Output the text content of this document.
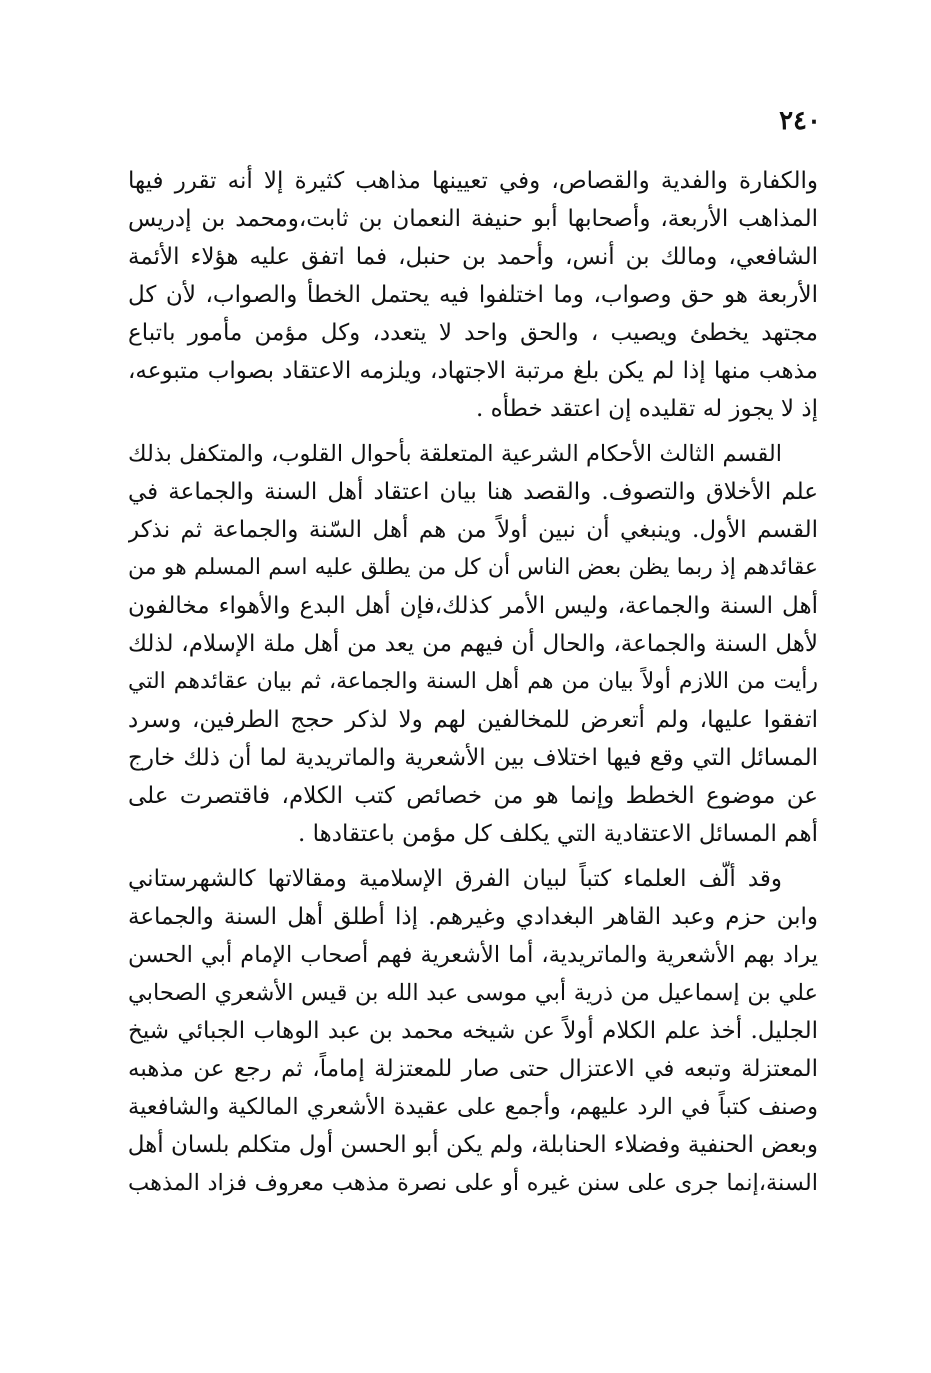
٢٤٠
والكفارة والفدية والقصاص، وفي تعيينها مذاهب كثيرة إلا أنه تقرر فيها
المذاهب الأربعة، وأصحابها أبو حنيفة النعمان بن ثابت،ومحمد بن إدريس
الشافعي، ومالك بن أنس، وأحمد بن حنبل، فما اتفق عليه هؤلاء الأئمة
الأربعة هو حق وصواب، وما اختلفوا فيه يحتمل الخطأ والصواب، لأن كل
مجتهد يخطئ ويصيب ، والحق واحد لا يتعدد، وكل مؤمن مأمور باتباع
مذهب منها إذا لم يكن بلغ مرتبة الاجتهاد، ويلزمه الاعتقاد بصواب متبوعه،
إذ لا يجوز له تقليده إن اعتقد خطأه .
القسم الثالث الأحكام الشرعية المتعلقة بأحوال القلوب، والمتكفل بذلك
علم الأخلاق والتصوف. والقصد هنا بيان اعتقاد أهل السنة والجماعة في
القسم الأول. وينبغي أن نبين أولاً من هم أهل السّنة والجماعة ثم نذكر
عقائدهم إذ ربما يظن بعض الناس أن كل من يطلق عليه اسم المسلم هو من
أهل السنة والجماعة، وليس الأمر كذلك،فإن أهل البدع والأهواء مخالفون
لأهل السنة والجماعة، والحال أن فيهم من يعد من أهل ملة الإسلام، لذلك
رأيت من اللازم أولاً بيان من هم أهل السنة والجماعة، ثم بيان عقائدهم التي
اتفقوا عليها، ولم أتعرض للمخالفين لهم ولا لذكر حجج الطرفين، وسرد
المسائل التي وقع فيها اختلاف بين الأشعرية والماتريدية لما أن ذلك خارج
عن موضوع الخطط وإنما هو من خصائص كتب الكلام، فاقتصرت على
أهم المسائل الاعتقادية التي يكلف كل مؤمن باعتقادها .
وقد ألّف العلماء كتباً لبيان الفرق الإسلامية ومقالاتها كالشهرستاني
وابن حزم وعبد القاهر البغدادي وغيرهم. إذا أطلق أهل السنة والجماعة
يراد بهم الأشعرية والماتريدية، أما الأشعرية فهم أصحاب الإمام أبي الحسن
علي بن إسماعيل من ذرية أبي موسى عبد الله بن قيس الأشعري الصحابي
الجليل. أخذ علم الكلام أولاً عن شيخه محمد بن عبد الوهاب الجبائي شيخ
المعتزلة وتبعه في الاعتزال حتى صار للمعتزلة إماماً، ثم رجع عن مذهبه
وصنف كتباً في الرد عليهم، وأجمع على عقيدة الأشعري المالكية والشافعية
وبعض الحنفية وفضلاء الحنابلة، ولم يكن أبو الحسن أول متكلم بلسان أهل
السنة،إنما جرى على سنن غيره أو على نصرة مذهب معروف فزاد المذهب
